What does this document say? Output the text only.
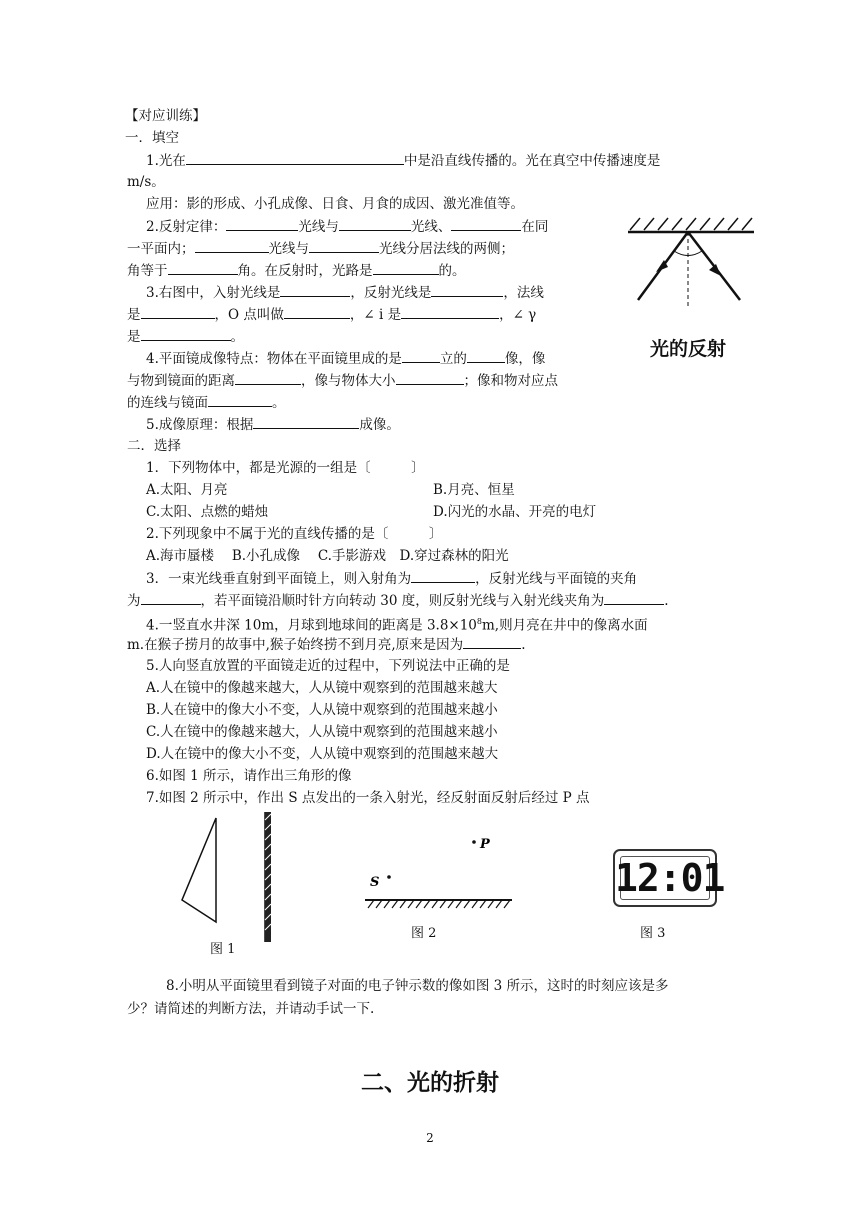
【对应训练】
一．填空
1.光在	中是沿直线传播的。光在真空中传播速度是
m/s。
应用：影的形成、小孔成像、日食、月食的成因、激光准值等。
2.反射定律：	光线与	光线、	在同
一平面内；	光线与	光线分居法线的两侧；
角等于	角。在反射时，光路是	的。
3.右图中，入射光线是	，反射光线是	，法线
是	，O 点叫做	，∠ i 是	，∠ γ
是	。
4.平面镜成像特点：物体在平面镜里成的是	立的	像，像
与物到镜面的距离	，像与物体大小	；像和物对应点
的连线与镜面	。
5.成像原理：根据	成像。
光的反射
二．选择
1．下列物体中，都是光源的一组是〔　　　〕
A.太阳、月亮	B.月亮、恒星
C.太阳、点燃的蜡烛	D.闪光的水晶、开亮的电灯
2.下列现象中不属于光的直线传播的是〔　　　〕
A.海市蜃楼　 B.小孔成像　 C.手影游戏　D.穿过森林的阳光
3．一束光线垂直射到平面镜上，则入射角为	，反射光线与平面镜的夹角
为	，若平面镜沿顺时针方向转动 30 度，则反射光线与入射光线夹角为	.
4.一竖直水井深 10m，月球到地球间的距离是 $3.8\times 10^8m$,则月亮在井中的像离水面
m.在猴子捞月的故事中,猴子始终捞不到月亮,原来是因为	.
5.人向竖直放置的平面镜走近的过程中，下列说法中正确的是
A.人在镜中的像越来越大，人从镜中观察到的范围越来越大
B.人在镜中的像大小不变，人从镜中观察到的范围越来越小
C.人在镜中的像越来越大，人从镜中观察到的范围越来越小
D.人在镜中的像大小不变，人从镜中观察到的范围越来越大
6.如图 1 所示，请作出三角形的像
7.如图 2 所示中，作出 S 点发出的一条入射光，经反射面反射后经过 P 点
图 1
P
S
图 2
12:01
图 3
8.小明从平面镜里看到镜子对面的电子钟示数的像如图 3 所示，这时的时刻应该是多
少？请简述的判断方法，并请动手试一下.
二、光的折射
2
